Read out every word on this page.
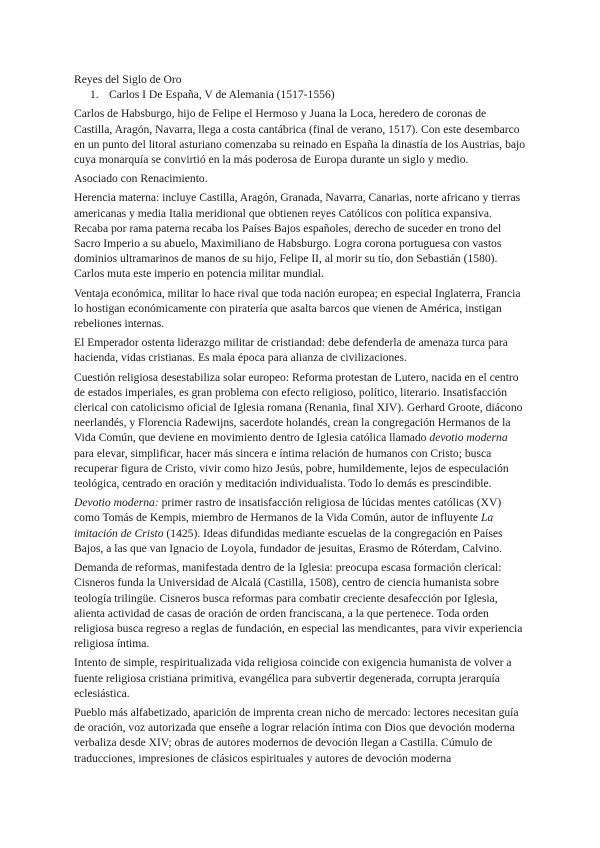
Reyes del Siglo de Oro
1. Carlos I De España, V de Alemania (1517-1556)

Carlos de Habsburgo, hijo de Felipe el Hermoso y Juana la Loca, heredero de coronas de Castilla, Aragón, Navarra, llega a costa cantábrica (final de verano, 1517). Con este desembarco en un punto del litoral asturiano comenzaba su reinado en España la dinastía de los Austrias, bajo cuya monarquía se convirtió en la más poderosa de Europa durante un siglo y medio.

Asociado con Renacimiento.

Herencia materna: incluye Castilla, Aragón, Granada, Navarra, Canarias, norte africano y tierras americanas y media Italia meridional que obtienen reyes Católicos con política expansiva. Recaba por rama paterna recaba los Países Bajos españoles, derecho de suceder en trono del Sacro Imperio a su abuelo, Maximiliano de Habsburgo. Logra corona portuguesa con vastos dominios ultramarinos de manos de su hijo, Felipe II, al morir su tío, don Sebastián (1580). Carlos muta este imperio en potencia militar mundial.

Ventaja económica, militar lo hace rival que toda nación europea; en especial Inglaterra, Francia lo hostigan económicamente con piratería que asalta barcos que vienen de América, instigan rebeliones internas.

El Emperador ostenta liderazgo militar de cristiandad: debe defenderla de amenaza turca para hacienda, vidas cristianas. Es mala época para alianza de civilizaciones.

Cuestión religiosa desestabiliza solar europeo: Reforma protestan de Lutero, nacida en el centro de estados imperiales, es gran problema con efecto religioso, político, literario. Insatisfacción clerical con catolicismo oficial de Iglesia romana (Renania, final XIV). Gerhard Groote, diácono neerlandés, y Florencia Radewijns, sacerdote holandés, crean la congregación Hermanos de la Vida Común, que deviene en movimiento dentro de Iglesia católica llamado devotio moderna para elevar, simplificar, hacer más sincera e íntima relación de humanos con Cristo; busca recuperar figura de Cristo, vivir como hizo Jesús, pobre, humildemente, lejos de especulación teológica, centrado en oración y meditación individualista. Todo lo demás es prescindible.

Devotio moderna: primer rastro de insatisfacción religiosa de lúcidas mentes católicas (XV) como Tomás de Kempis, miembro de Hermanos de la Vida Común, autor de influyente La imitación de Cristo (1425). Ideas difundidas mediante escuelas de la congregación en Países Bajos, a las que van Ignacio de Loyola, fundador de jesuitas, Erasmo de Róterdam, Calvino.

Demanda de reformas, manifestada dentro de la Iglesia: preocupa escasa formación clerical: Cisneros funda la Universidad de Alcalá (Castilla, 1508), centro de ciencia humanista sobre teología trilingüe. Cisneros busca reformas para combatir creciente desafección por Iglesia, alienta actividad de casas de oración de orden franciscana, a la que pertenece. Toda orden religiosa busca regreso a reglas de fundación, en especial las mendicantes, para vivir experiencia religiosa íntima.

Intento de simple, respiritualizada vida religiosa coincide con exigencia humanista de volver a fuente religiosa cristiana primitiva, evangélica para subvertir degenerada, corrupta jerarquía eclesiástica.

Pueblo más alfabetizado, aparición de imprenta crean nicho de mercado: lectores necesitan guía de oración, voz autorizada que enseñe a lograr relación íntima con Dios que devoción moderna verbaliza desde XIV; obras de autores modernos de devoción llegan a Castilla. Cúmulo de traducciones, impresiones de clásicos espirituales y autores de devoción moderna
